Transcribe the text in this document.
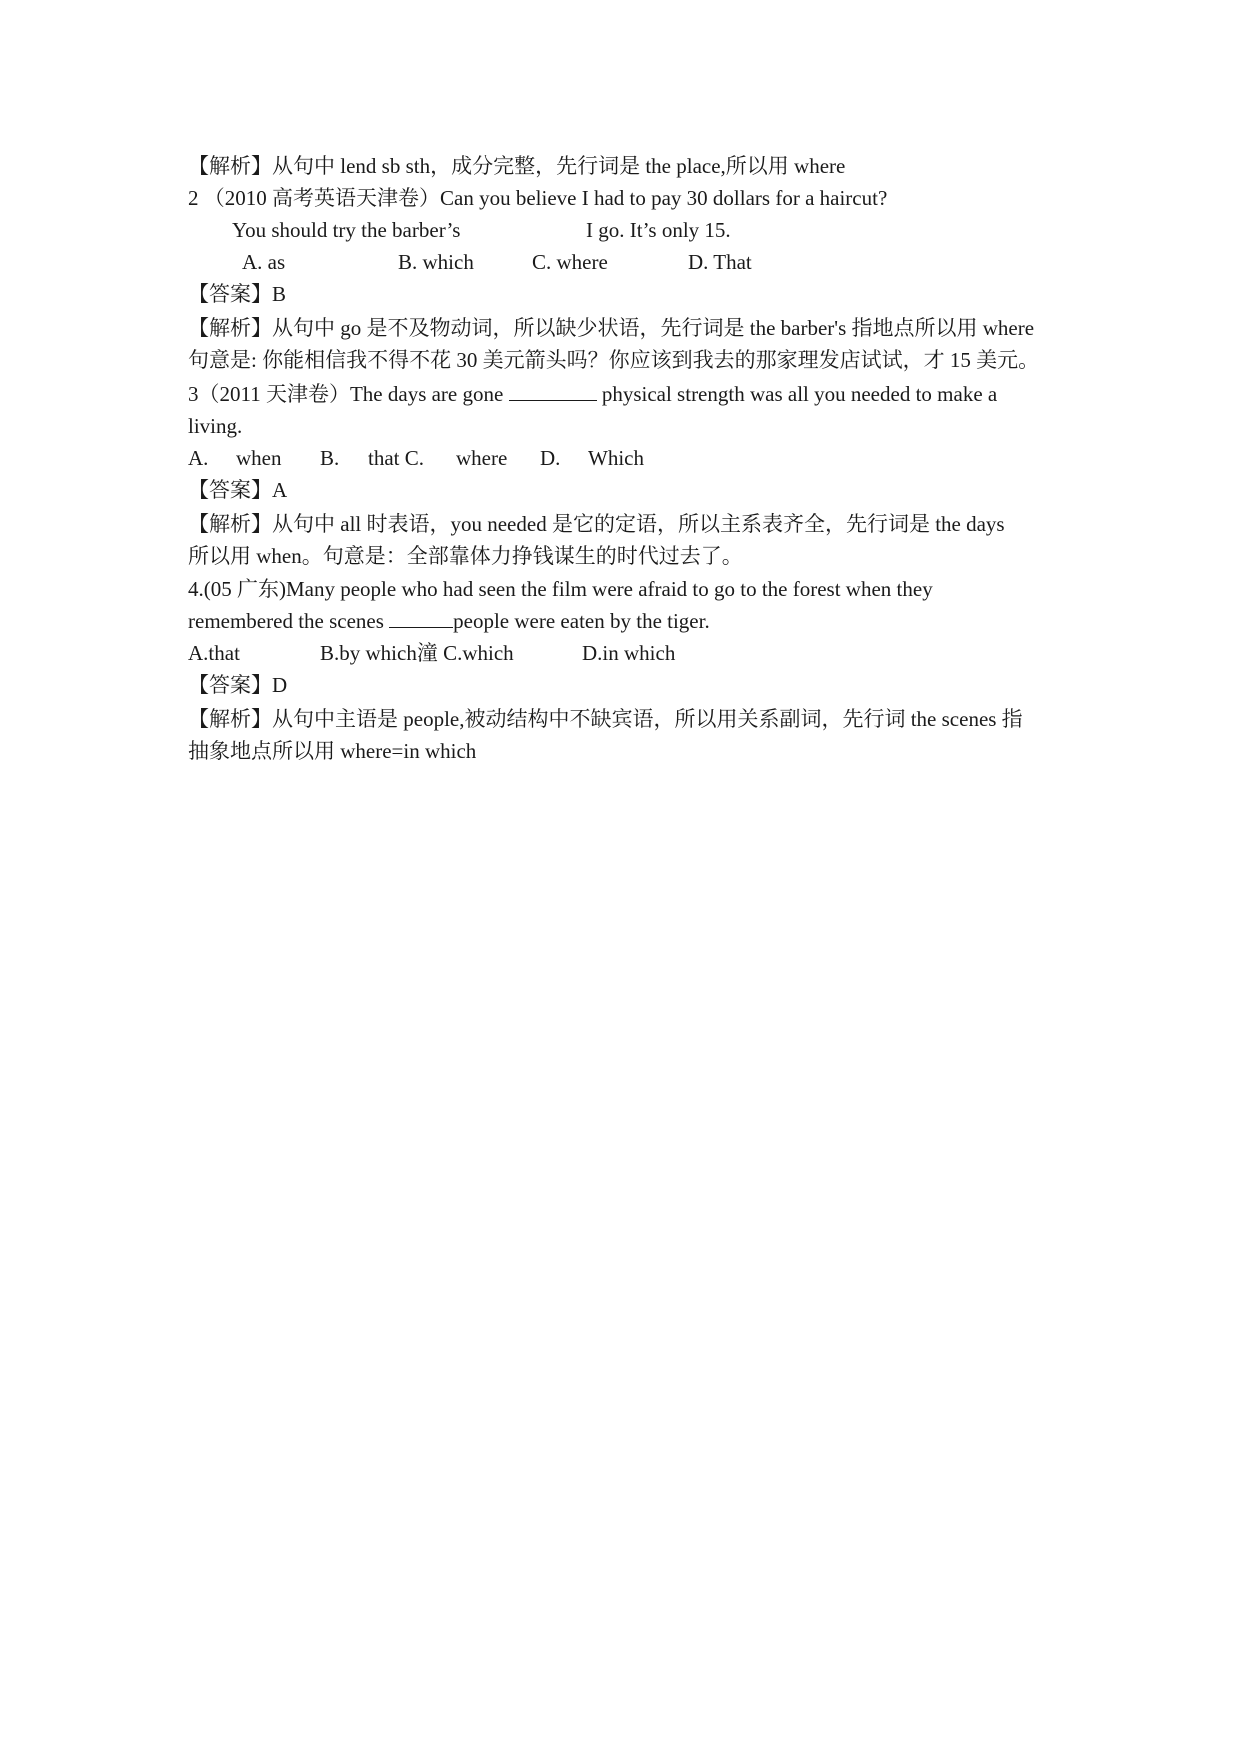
【解析】从句中 lend sb sth，成分完整，先行词是 the place,所以用 where
2 （2010 高考英语天津卷）Can you believe I had to pay 30 dollars for a haircut?
You should try the barber’s	I go. It’s only 15.
A. as	B. which	C. where	D. That
【答案】B
【解析】从句中 go 是不及物动词，所以缺少状语，先行词是 the barber's 指地点所以用 where
句意是: 你能相信我不得不花 30 美元箭头吗？你应该到我去的那家理发店试试，才 15 美元。
3（2011 天津卷）The days are gone	physical strength was all you needed to make a
living.
A. when B. that C. where D. Which
【答案】A
【解析】从句中 all 时表语，you needed 是它的定语，所以主系表齐全，先行词是 the days
所以用 when。句意是：全部靠体力挣钱谋生的时代过去了。
4.(05 广东)Many people who had seen the film were afraid to go to the forest when they
remembered the scenes	people were eaten by the tiger.
A.that	B.by which潼 C.which	D.in which
【答案】D
【解析】从句中主语是 people,被动结构中不缺宾语，所以用关系副词，先行词 the scenes 指
抽象地点所以用 where=in which
